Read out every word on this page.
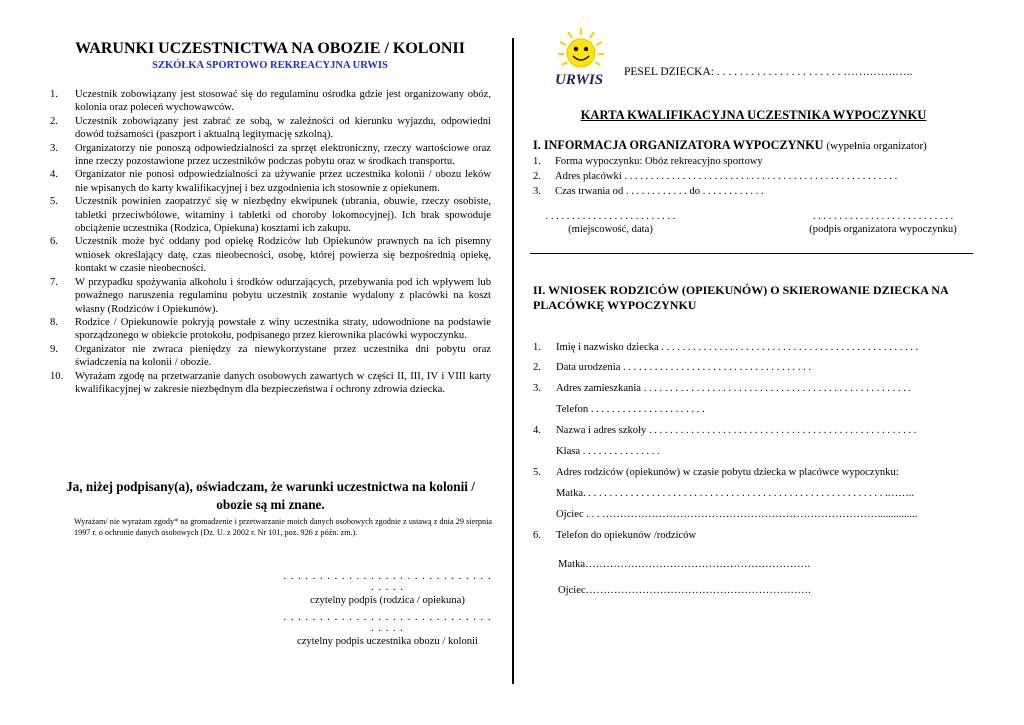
WARUNKI UCZESTNICTWA NA OBOZIE / KOLONII
SZKÓŁKA SPORTOWO REKREACYJNA URWIS
1. Uczestnik zobowiązany jest stosować się do regulaminu ośrodka gdzie jest organizowany obóz, kolonia oraz poleceń wychowawców.
2. Uczestnik zobowiązany jest zabrać ze sobą, w zależności od kierunku wyjazdu, odpowiedni dowód tożsamości (paszport i aktualną legitymację szkolną).
3. Organizatorzy nie ponoszą odpowiedzialności za sprzęt elektroniczny, rzeczy wartościowe oraz inne rzeczy pozostawione przez uczestników podczas pobytu oraz w środkach transportu.
4. Organizator nie ponosi odpowiedzialności za używanie przez uczestnika kolonii / obozu leków nie wpisanych do karty kwalifikacyjnej i bez uzgodnienia ich stosownie z opiekunem.
5. Uczestnik powinien zaopatrzyć się w niezbędny ekwipunek (ubrania, obuwie, rzeczy osobiste, tabletki przeciwbólowe, witaminy i tabletki od choroby lokomocyjnej). Ich brak spowoduje obciążenie uczestnika (Rodzica, Opiekuna) kosztami ich zakupu.
6. Uczestnik może być oddany pod opiekę Rodziców lub Opiekunów prawnych na ich pisemny wniosek określający datę, czas nieobecności, osobę, której powierza się bezpośrednią opiekę, kontakt w czasie nieobecności.
7. W przypadku spożywania alkoholu i środków odurzających, przebywania pod ich wpływem lub poważnego naruszenia regulaminu pobytu uczestnik zostanie wydalony z placówki na koszt własny (Rodziców i Opiekunów).
8. Rodzice / Opiekunowie pokryją powstałe z winy uczestnika straty, udowodnione na podstawie sporządzonego w obiekcie protokołu, podpisanego przez kierownika placówki wypoczynku.
9. Organizator nie zwraca pieniędzy za niewykorzystane przez uczestnika dni pobytu oraz świadczenia na kolonii / obozie.
10. Wyrażam zgodę na przetwarzanie danych osobowych zawartych w części II, III, IV i VIII karty kwalifikacyjnej w zakresie niezbędnym dla bezpieczeństwa i ochrony zdrowia dziecka.
Ja, niżej podpisany(a), oświadczam, że warunki uczestnictwa na kolonii / obozie są mi znane.
Wyrażam/ nie wyrażam zgody* na gromadzenie i przetwarzanie moich danych osobowych zgodnie z ustawą z dnia 29 sierpnia 1997 r. o ochronie danych osobowych (Dz. U. z 2002 r. Nr 101, poz. 926 z późn. zm.).
. . . . . . . . . . . . . . . . . . . . . . . . . . . . . . . . . .
czytelny podpis (rodzica / opiekuna)
. . . . . . . . . . . . . . . . . . . . . . . . . . . . . . . . . .
czytelny podpis uczestnika obozu / kolonii
URWIS PESEL DZIECKA: . . . . . . . . . . . . . . . . . . . . . . …….…….…..
KARTA KWALIFIKACYJNA UCZESTNIKA WYPOCZYNKU
I. INFORMACJA ORGANIZATORA WYPOCZYNKU (wypełnia organizator)
1.	Forma wypoczynku: Obóz rekreacyjno sportowy
2.	Adres placówki . . . . . . . . . . . . . . . . . . . . . . . . . . . . . . . . . . . . . . . . . . . . . . . . . . . .
3.	Czas trwania od . . . . . . . . . . . . do . . . . . . . . . . . .
. . . . . . . . . . . . . . . . . . . . . . . . .
(miejscowość, data)
. . . . . . . . . . . . . . . . . . . . . . . . . . .
(podpis organizatora wypoczynku)
II. WNIOSEK RODZICÓW (OPIEKUNÓW) O SKIEROWANIE DZIECKA NA PLACÓWKĘ WYPOCZYNKU
1. Imię i nazwisko dziecka . . . . . . . . . . . . . . . . . . . . . . . . . . . . . . . . . . . . . . . . . . . . . . . . .
2. Data urodzenia . . . . . . . . . . . . . . . . . . . . . . . . . . . . . . . . . . . .
3. Adres zamieszkania . . . . . . . . . . . . . . . . . . . . . . . . . . . . . . . . . . . . . . . . . . . . . . . . . . .
Telefon . . . . . . . . . . . . . . . . . . . . . .
4. Nazwa i adres szkoły . . . . . . . . . . . . . . . . . . . . . . . . . . . . . . . . . . . . . . . . . . . . . . . . . . .
Klasa . . . . . . . . . . . . . . .
5. Adres rodziców (opiekunów) w czasie pobytu dziecka w placówce wypoczynku:
Matka. . . . . . . . . . . . . . . . . . . . . . . . . . . . . . . . . . . . . . . . . . . . . . . . . . . . . . . . . .……..
Ojciec . . . ……………………………………………………………………...............
6. Telefon do opiekunów /rodziców
Matka……………………………………………………….
Ojciec……………………………………………………….
